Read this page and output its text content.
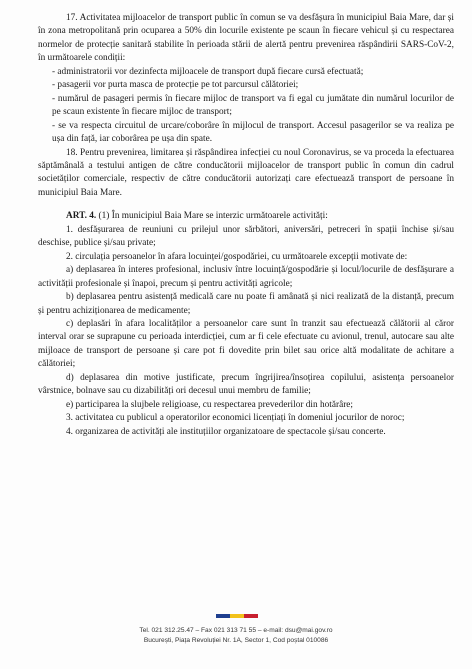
17. Activitatea mijloacelor de transport public în comun se va desfășura în municipiul Baia Mare, dar și în zona metropolitană prin ocuparea a 50% din locurile existente pe scaun în fiecare vehicul și cu respectarea normelor de protecție sanitară stabilite în perioada stării de alertă pentru prevenirea răspândirii SARS-CoV-2, în următoarele condiții:

- administratorii vor dezinfecta mijloacele de transport după fiecare cursă efectuată;

- pasagerii vor purta masca de protecție pe tot parcursul călătoriei;

- numărul de pasageri permis în fiecare mijloc de transport va fi egal cu jumătate din numărul locurilor de pe scaun existente în fiecare mijloc de transport;

- se va respecta circuitul de urcare/coborâre în mijlocul de transport. Accesul pasagerilor se va realiza pe ușa din față, iar coborârea pe ușa din spate.

18. Pentru prevenirea, limitarea și răspândirea infecției cu noul Coronavirus, se va proceda la efectuarea săptămânală a testului antigen de către conducătorii mijloacelor de transport public în comun din cadrul societăților comerciale, respectiv de către conducătorii autorizați care efectuează transport de persoane în municipiul Baia Mare.

ART. 4. (1) În municipiul Baia Mare se interzic următoarele activități:

1. desfășurarea de reuniuni cu prilejul unor sărbători, aniversări, petreceri în spații închise și/sau deschise, publice și/sau private;

2. circulația persoanelor în afara locuinței/gospodăriei, cu următoarele excepții motivate de:

a) deplasarea în interes profesional, inclusiv între locuință/gospodărie și locul/locurile de desfășurare a activității profesionale și înapoi, precum și pentru activități agricole;

b) deplasarea pentru asistență medicală care nu poate fi amânată și nici realizată de la distanță, precum și pentru achiziționarea de medicamente;

c) deplasări în afara localităților a persoanelor care sunt în tranzit sau efectuează călătorii al căror interval orar se suprapune cu perioada interdicției, cum ar fi cele efectuate cu avionul, trenul, autocare sau alte mijloace de transport de persoane și care pot fi dovedite prin bilet sau orice altă modalitate de achitare a călătoriei;

d) deplasarea din motive justificate, precum îngrijirea/însoțirea copilului, asistența persoanelor vârstnice, bolnave sau cu dizabilități ori decesul unui membru de familie;

e) participarea la slujbele religioase, cu respectarea prevederilor din hotărâre;

3. activitatea cu publicul a operatorilor economici licențiați în domeniul jocurilor de noroc;

4. organizarea de activități ale instituțiilor organizatoare de spectacole și/sau concerte.

Tel. 021 312.25.47 – Fax 021 313 71 55 – e-mail: dsu@mai.gov.ro
București, Piața Revoluției Nr. 1A, Sector 1, Cod poștal 010086
